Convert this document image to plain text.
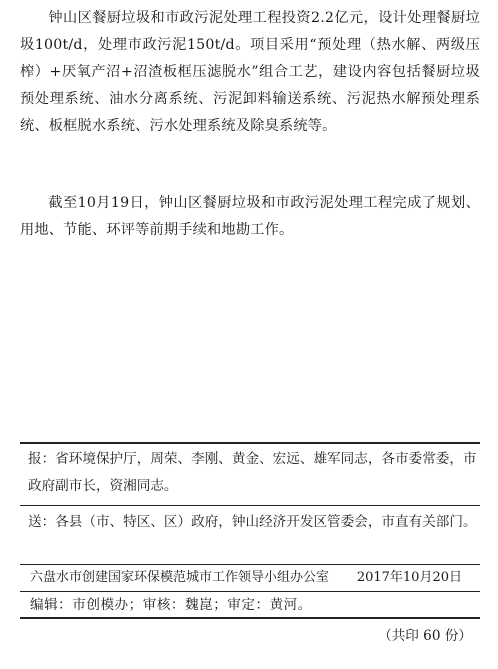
钟山区餐厨垃圾和市政污泥处理工程投资2.2亿元，设计处理餐厨垃圾100t/d，处理市政污泥150t/d。项目采用“预处理（热水解、两级压榨）+厌氧产沼+沼渣板框压滤脱水”组合工艺，建设内容包括餐厨垃圾预处理系统、油水分离系统、污泥卸料输送系统、污泥热水解预处理系统、板框脱水系统、污水处理系统及除臭系统等。

截至10月19日，钟山区餐厨垃圾和市政污泥处理工程完成了规划、用地、节能、环评等前期手续和地勘工作。

报：省环境保护厅，周荣、李刚、黄金、宏远、雄军同志，各市委常委，市政府副市长，资湘同志。

送：各县（市、特区、区）政府，钟山经济开发区管委会，市直有关部门。

六盘水市创建国家环保模范城市工作领导小组办公室 2017年10月20日
编辑：市创模办；审核：魏崑；审定：黄河。
（共印 60 份）
